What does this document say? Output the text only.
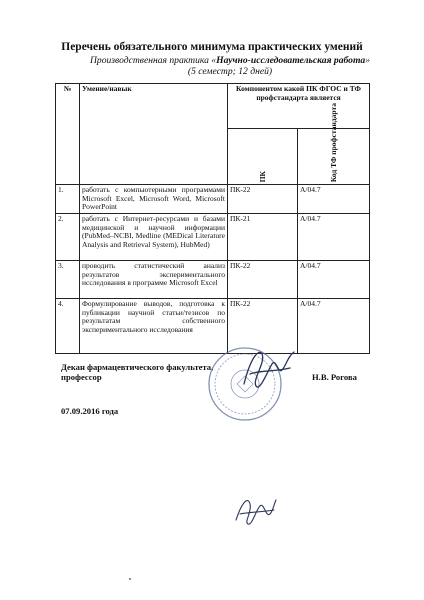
Перечень обязательного минимума практических умений
Производственная практика «Научно-исследовательская работа»
(5 семестр; 12 дней)
№	Умение/навык	Компонентом какой ПК ФГОС и ТФ профстандарта является	

		ПК	Код ТФ профстандарта

1.	работать с компьютерными программами Microsoft Excel, Microsoft Word, Microsoft PowerPoint	ПК-22	A/04.7
2.	работать с Интернет-ресурсами и базами медицинской и научной информации (PubMed–NCBI, Medline (MEDical Literature Analysis and Retrieval System), HubMed)	ПК-21	A/04.7
3.	проводить статистический анализ результатов экспериментального исследования в программе Microsoft Excel	ПК-22	A/04.7
4.	Формулирование выводов, подготовка к публикации научной статьи/тезисов по результатам собственного экспериментального исследования	ПК-22	A/04.7
Декан фармацевтического факультета,
профессор	Н.В. Рогова
07.09.2016 года
